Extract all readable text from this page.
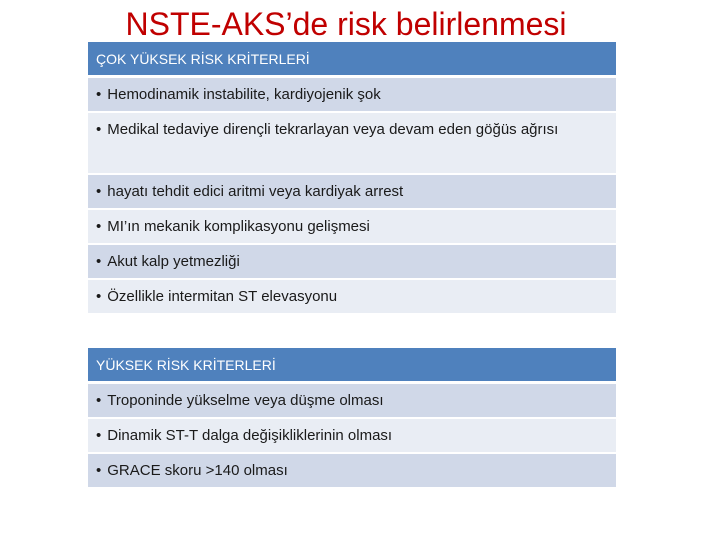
NSTE-AKS’de risk belirlenmesi
ÇOK YÜKSEK RİSK KRİTERLERİ
• Hemodinamik instabilite, kardiyojenik şok
• Medikal tedaviye dirençli tekrarlayan veya devam eden göğüs ağrısı
• hayatı tehdit edici aritmi veya kardiyak arrest
• MI’ın mekanik komplikasyonu gelişmesi
• Akut kalp yetmezliği
• Özellikle intermitan ST elevasyonu
YÜKSEK RİSK KRİTERLERİ
• Troponinde yükselme veya düşme olması
• Dinamik ST-T dalga değişikliklerinin olması
• GRACE skoru >140 olması
